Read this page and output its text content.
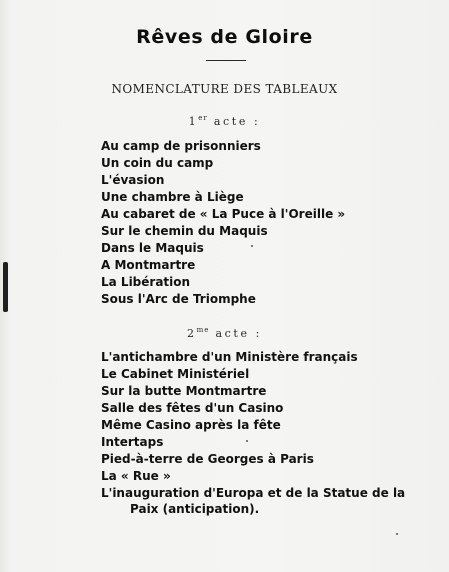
Rêves de Gloire
NOMENCLATURE DES TABLEAUX
1er acte :
Au camp de prisonniers
Un coin du camp
L'évasion
Une chambre à Liège
Au cabaret de « La Puce à l'Oreille »
Sur le chemin du Maquis
Dans le Maquis
A Montmartre
La Libération
Sous l'Arc de Triomphe
$2^{me}$ acte :
L'antichambre d'un Ministère français
Le Cabinet Ministériel
Sur la butte Montmartre
Salle des fêtes d'un Casino
Même Casino après la fête
Intertaps
Pied-à-terre de Georges à Paris
La « Rue »
L'inauguration d'Europa et de la Statue de la
Paix (anticipation).
